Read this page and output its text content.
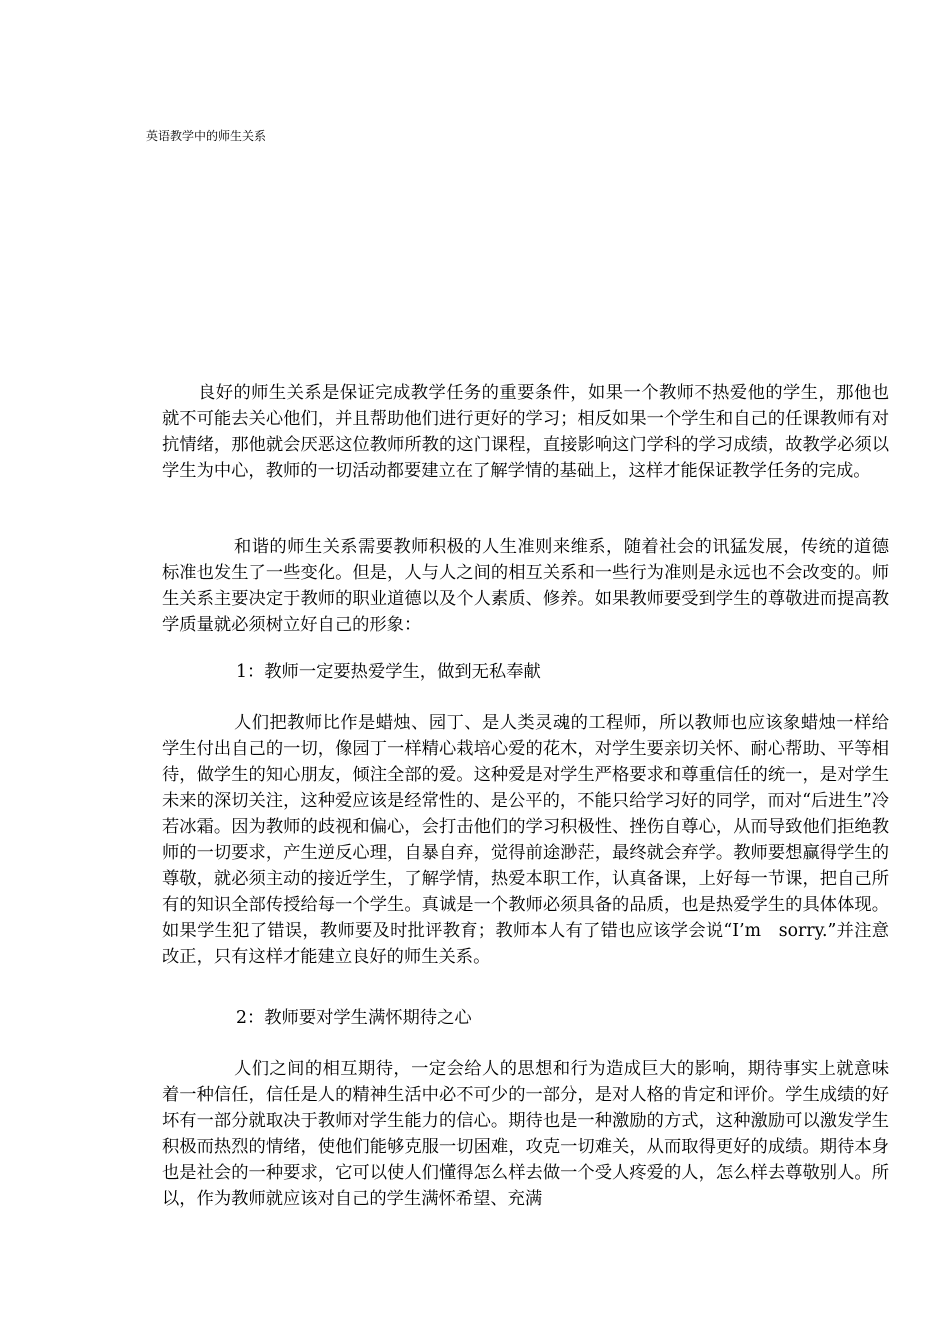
英语教学中的师生关系

良好的师生关系是保证完成教学任务的重要条件，如果一个教师不热爱他的学生，那他也就不可能去关心他们，并且帮助他们进行更好的学习；相反如果一个学生和自己的任课教师有对抗情绪，那他就会厌恶这位教师所教的这门课程，直接影响这门学科的学习成绩，故教学必须以学生为中心，教师的一切活动都要建立在了解学情的基础上，这样才能保证教学任务的完成。

和谐的师生关系需要教师积极的人生准则来维系，随着社会的讯猛发展，传统的道德标准也发生了一些变化。但是，人与人之间的相互关系和一些行为准则是永远也不会改变的。师生关系主要决定于教师的职业道德以及个人素质、修养。如果教师要受到学生的尊敬进而提高教学质量就必须树立好自己的形象：

1：教师一定要热爱学生，做到无私奉献

人们把教师比作是蜡烛、园丁、是人类灵魂的工程师，所以教师也应该象蜡烛一样给学生付出自己的一切，像园丁一样精心栽培心爱的花木，对学生要亲切关怀、耐心帮助、平等相待，做学生的知心朋友，倾注全部的爱。这种爱是对学生严格要求和尊重信任的统一，是对学生未来的深切关注，这种爱应该是经常性的、是公平的，不能只给学习好的同学，而对“后进生”冷若冰霜。因为教师的歧视和偏心，会打击他们的学习积极性、挫伤自尊心，从而导致他们拒绝教师的一切要求，产生逆反心理，自暴自弃，觉得前途渺茫，最终就会弃学。教师要想赢得学生的尊敬，就必须主动的接近学生，了解学情，热爱本职工作，认真备课，上好每一节课，把自己所有的知识全部传授给每一个学生。真诚是一个教师必须具备的品质，也是热爱学生的具体体现。如果学生犯了错误，教师要及时批评教育；教师本人有了错也应该学会说“I’m　sorry.”并注意改正，只有这样才能建立良好的师生关系。

2：教师要对学生满怀期待之心

人们之间的相互期待，一定会给人的思想和行为造成巨大的影响，期待事实上就意味着一种信任，信任是人的精神生活中必不可少的一部分，是对人格的肯定和评价。学生成绩的好坏有一部分就取决于教师对学生能力的信心。期待也是一种激励的方式，这种激励可以激发学生积极而热烈的情绪，使他们能够克服一切困难，攻克一切难关，从而取得更好的成绩。期待本身也是社会的一种要求，它可以使人们懂得怎么样去做一个受人疼爱的人，怎么样去尊敬别人。所以，作为教师就应该对自己的学生满怀希望、充满
